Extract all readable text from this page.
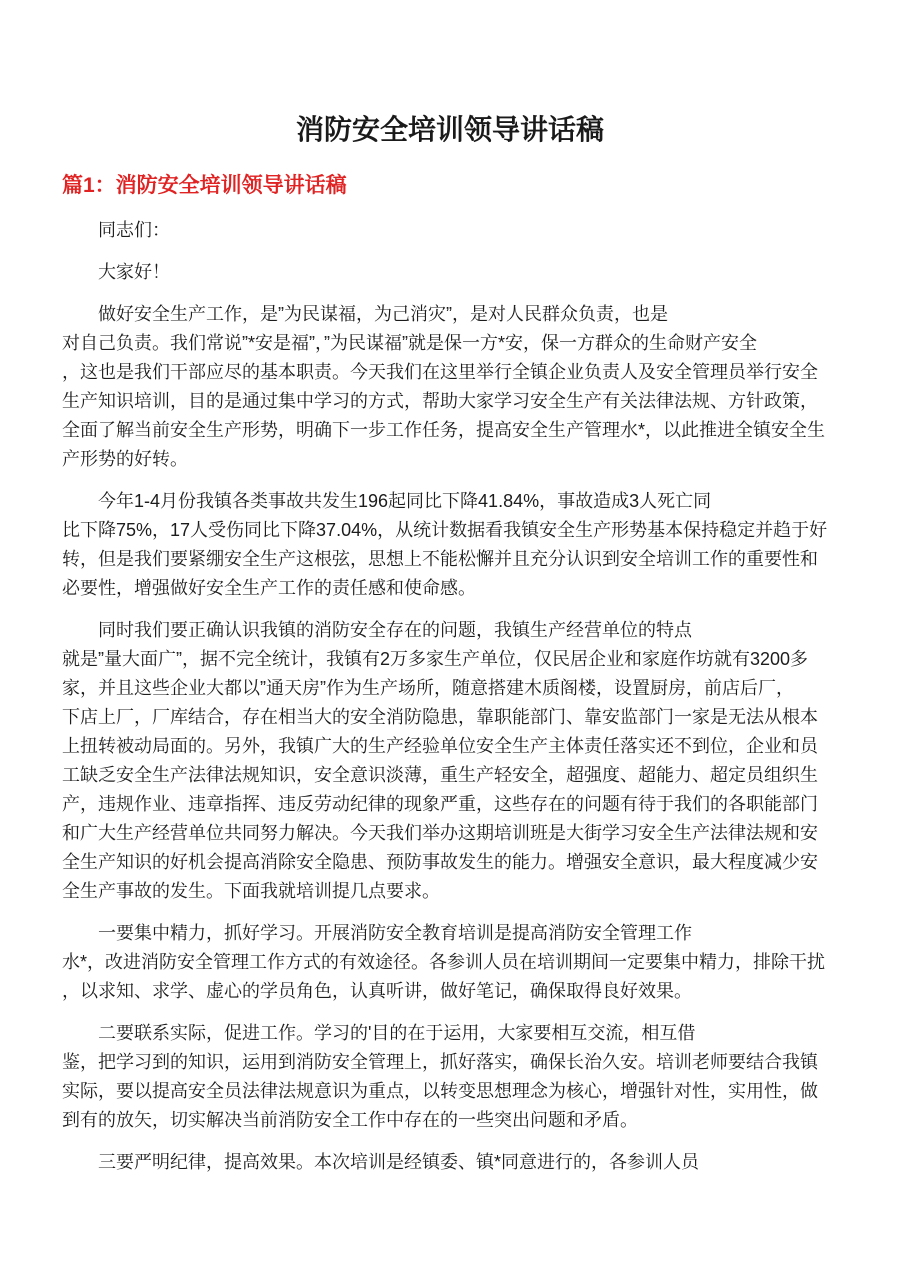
消防安全培训领导讲话稿
篇1：消防安全培训领导讲话稿
同志们：
大家好！
做好安全生产工作，是”为民谋福，为己消灾”，是对人民群众负责，也是
对自己负责。我们常说”*安是福”，”为民谋福”就是保一方*安，保一方群众的生命财产安全
，这也是我们干部应尽的基本职责。今天我们在这里举行全镇企业负责人及安全管理员举行安全
生产知识培训，目的是通过集中学习的方式，帮助大家学习安全生产有关法律法规、方针政策，
全面了解当前安全生产形势，明确下一步工作任务，提高安全生产管理水*，以此推进全镇安全生
产形势的好转。
今年1-4月份我镇各类事故共发生196起同比下降41.84%，事故造成3人死亡同
比下降75%，17人受伤同比下降37.04%，从统计数据看我镇安全生产形势基本保持稳定并趋于好
转，但是我们要紧绷安全生产这根弦，思想上不能松懈并且充分认识到安全培训工作的重要性和
必要性，增强做好安全生产工作的责任感和使命感。
同时我们要正确认识我镇的消防安全存在的问题，我镇生产经营单位的特点
就是”量大面广”，据不完全统计，我镇有2万多家生产单位，仅民居企业和家庭作坊就有3200多
家，并且这些企业大都以”通天房”作为生产场所，随意搭建木质阁楼，设置厨房，前店后厂，
下店上厂，厂库结合，存在相当大的安全消防隐患，靠职能部门、靠安监部门一家是无法从根本
上扭转被动局面的。另外，我镇广大的生产经验单位安全生产主体责任落实还不到位，企业和员
工缺乏安全生产法律法规知识，安全意识淡薄，重生产轻安全，超强度、超能力、超定员组织生
产，违规作业、违章指挥、违反劳动纪律的现象严重，这些存在的问题有待于我们的各职能部门
和广大生产经营单位共同努力解决。今天我们举办这期培训班是大街学习安全生产法律法规和安
全生产知识的好机会提高消除安全隐患、预防事故发生的能力。增强安全意识，最大程度减少安
全生产事故的发生。下面我就培训提几点要求。
一要集中精力，抓好学习。开展消防安全教育培训是提高消防安全管理工作
水*，改进消防安全管理工作方式的有效途径。各参训人员在培训期间一定要集中精力，排除干扰
，以求知、求学、虚心的学员角色，认真听讲，做好笔记，确保取得良好效果。
二要联系实际，促进工作。学习的'目的在于运用，大家要相互交流，相互借
鉴，把学习到的知识，运用到消防安全管理上，抓好落实，确保长治久安。培训老师要结合我镇
实际，要以提高安全员法律法规意识为重点，以转变思想理念为核心，增强针对性，实用性，做
到有的放矢，切实解决当前消防安全工作中存在的一些突出问题和矛盾。
三要严明纪律，提高效果。本次培训是经镇委、镇*同意进行的，各参训人员
